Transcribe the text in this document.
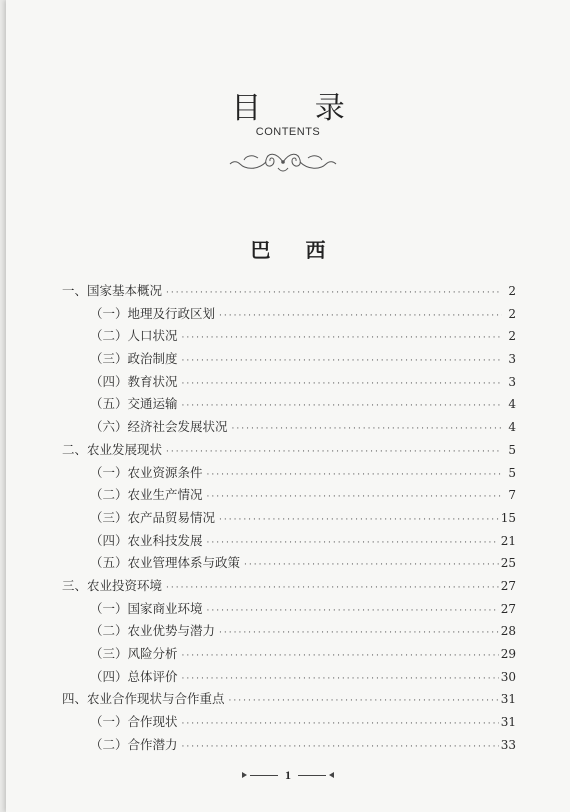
目 录
CONTENTS
巴 西
一、国家基本概况 ·····	2
（一）地理及行政区划 ·····	2
（二）人口状况 ·····	2
（三）政治制度 ·····	3
（四）教育状况 ·····	3
（五）交通运输 ·····	4
（六）经济社会发展状况 ·····	4
二、农业发展现状 ·····	5
（一）农业资源条件 ·····	5
（二）农业生产情况 ·····	7
（三）农产品贸易情况 ·····	15
（四）农业科技发展 ·····	21
（五）农业管理体系与政策 ·····	25
三、农业投资环境 ·····	27
（一）国家商业环境 ·····	27
（二）农业优势与潜力 ·····	28
（三）风险分析 ·····	29
（四）总体评价 ·····	30
四、农业合作现状与合作重点 ·····	31
（一）合作现状 ·····	31
（二）合作潜力 ·····	33
1
